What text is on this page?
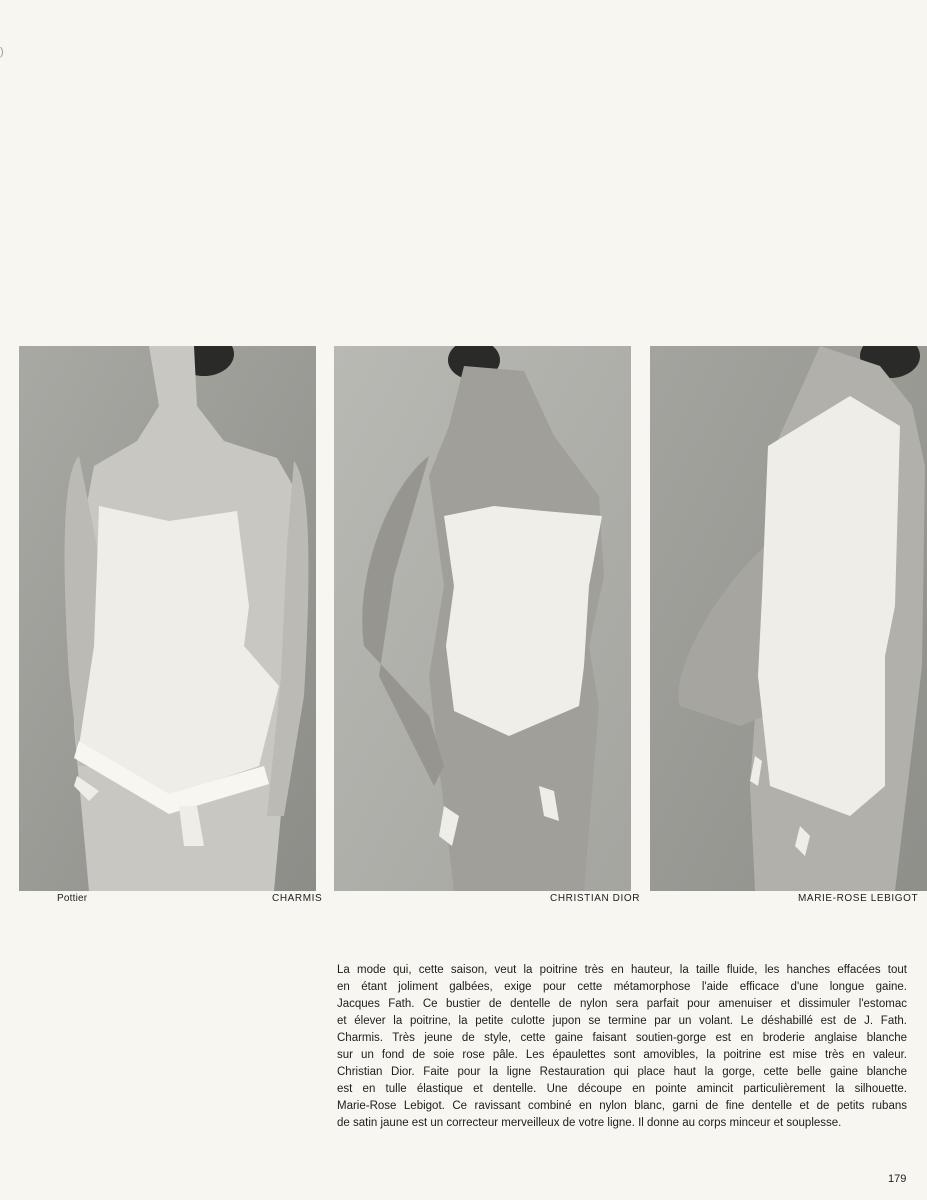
)
Pottier	CHARMIS	CHRISTIAN DIOR	MARIE-ROSE LEBIGOT

La mode qui, cette saison, veut la poitrine très en hauteur, la taille fluide, les hanches effacées tout
en étant joliment galbées, exige pour cette métamorphose l'aide efficace d'une longue gaine.
Jacques Fath. Ce bustier de dentelle de nylon sera parfait pour amenuiser et dissimuler l'estomac
et élever la poitrine, la petite culotte jupon se termine par un volant. Le déshabillé est de J. Fath.
Charmis. Très jeune de style, cette gaine faisant soutien-gorge est en broderie anglaise blanche
sur un fond de soie rose pâle. Les épaulettes sont amovibles, la poitrine est mise très en valeur.
Christian Dior. Faite pour la ligne Restauration qui place haut la gorge, cette belle gaine blanche
est en tulle élastique et dentelle. Une découpe en pointe amincit particulièrement la silhouette.
Marie-Rose Lebigot. Ce ravissant combiné en nylon blanc, garni de fine dentelle et de petits rubans
de satin jaune est un correcteur merveilleux de votre ligne. Il donne au corps minceur et souplesse.

179
